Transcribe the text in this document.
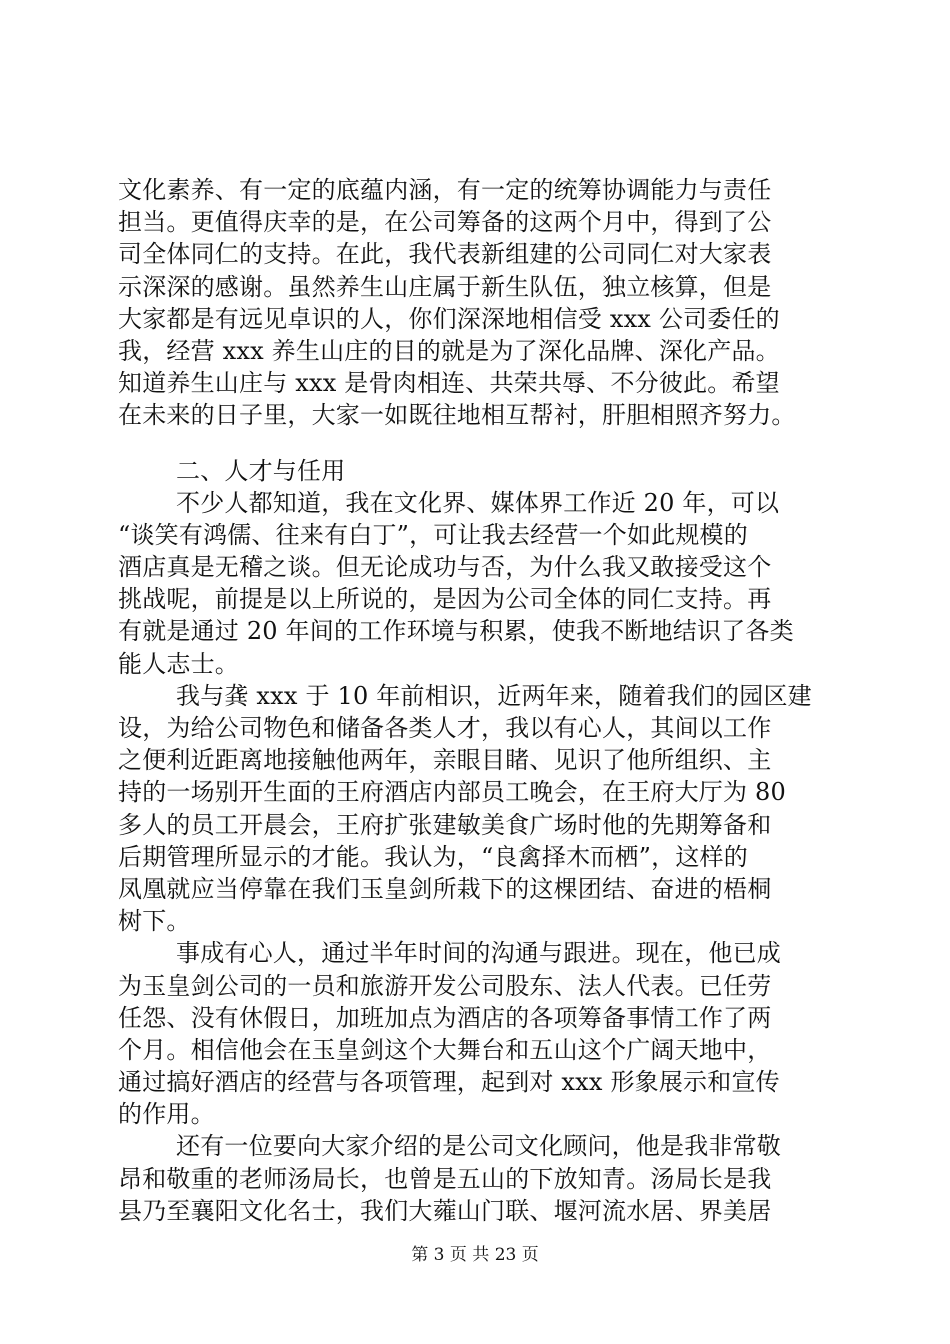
文化素养、有一定的底蕴内涵，有一定的统筹协调能力与责任
担当。更值得庆幸的是，在公司筹备的这两个月中，得到了公
司全体同仁的支持。在此，我代表新组建的公司同仁对大家表
示深深的感谢。虽然养生山庄属于新生队伍，独立核算，但是
大家都是有远见卓识的人，你们深深地相信受 xxx 公司委任的
我，经营 xxx 养生山庄的目的就是为了深化品牌、深化产品。
知道养生山庄与 xxx 是骨肉相连、共荣共辱、不分彼此。希望
在未来的日子里，大家一如既往地相互帮衬，肝胆相照齐努力。
二、人才与任用
不少人都知道，我在文化界、媒体界工作近 20 年，可以
“谈笑有鸿儒、往来有白丁”，可让我去经营一个如此规模的
酒店真是无稽之谈。但无论成功与否，为什么我又敢接受这个
挑战呢，前提是以上所说的，是因为公司全体的同仁支持。再
有就是通过 20 年间的工作环境与积累，使我不断地结识了各类
能人志士。
我与龚 xxx 于 10 年前相识，近两年来，随着我们的园区建
设，为给公司物色和储备各类人才，我以有心人，其间以工作
之便利近距离地接触他两年，亲眼目睹、见识了他所组织、主
持的一场别开生面的王府酒店内部员工晚会，在王府大厅为 80
多人的员工开晨会，王府扩张建敏美食广场时他的先期筹备和
后期管理所显示的才能。我认为，“良禽择木而栖”，这样的
凤凰就应当停靠在我们玉皇剑所栽下的这棵团结、奋进的梧桐
树下。
事成有心人，通过半年时间的沟通与跟进。现在，他已成
为玉皇剑公司的一员和旅游开发公司股东、法人代表。已任劳
任怨、没有休假日，加班加点为酒店的各项筹备事情工作了两
个月。相信他会在玉皇剑这个大舞台和五山这个广阔天地中，
通过搞好酒店的经营与各项管理，起到对 xxx 形象展示和宣传
的作用。
还有一位要向大家介绍的是公司文化顾问，他是我非常敬
昂和敬重的老师汤局长，也曾是五山的下放知青。汤局长是我
县乃至襄阳文化名士，我们大蕹山门联、堰河流水居、界美居
第 3 页 共 23 页
